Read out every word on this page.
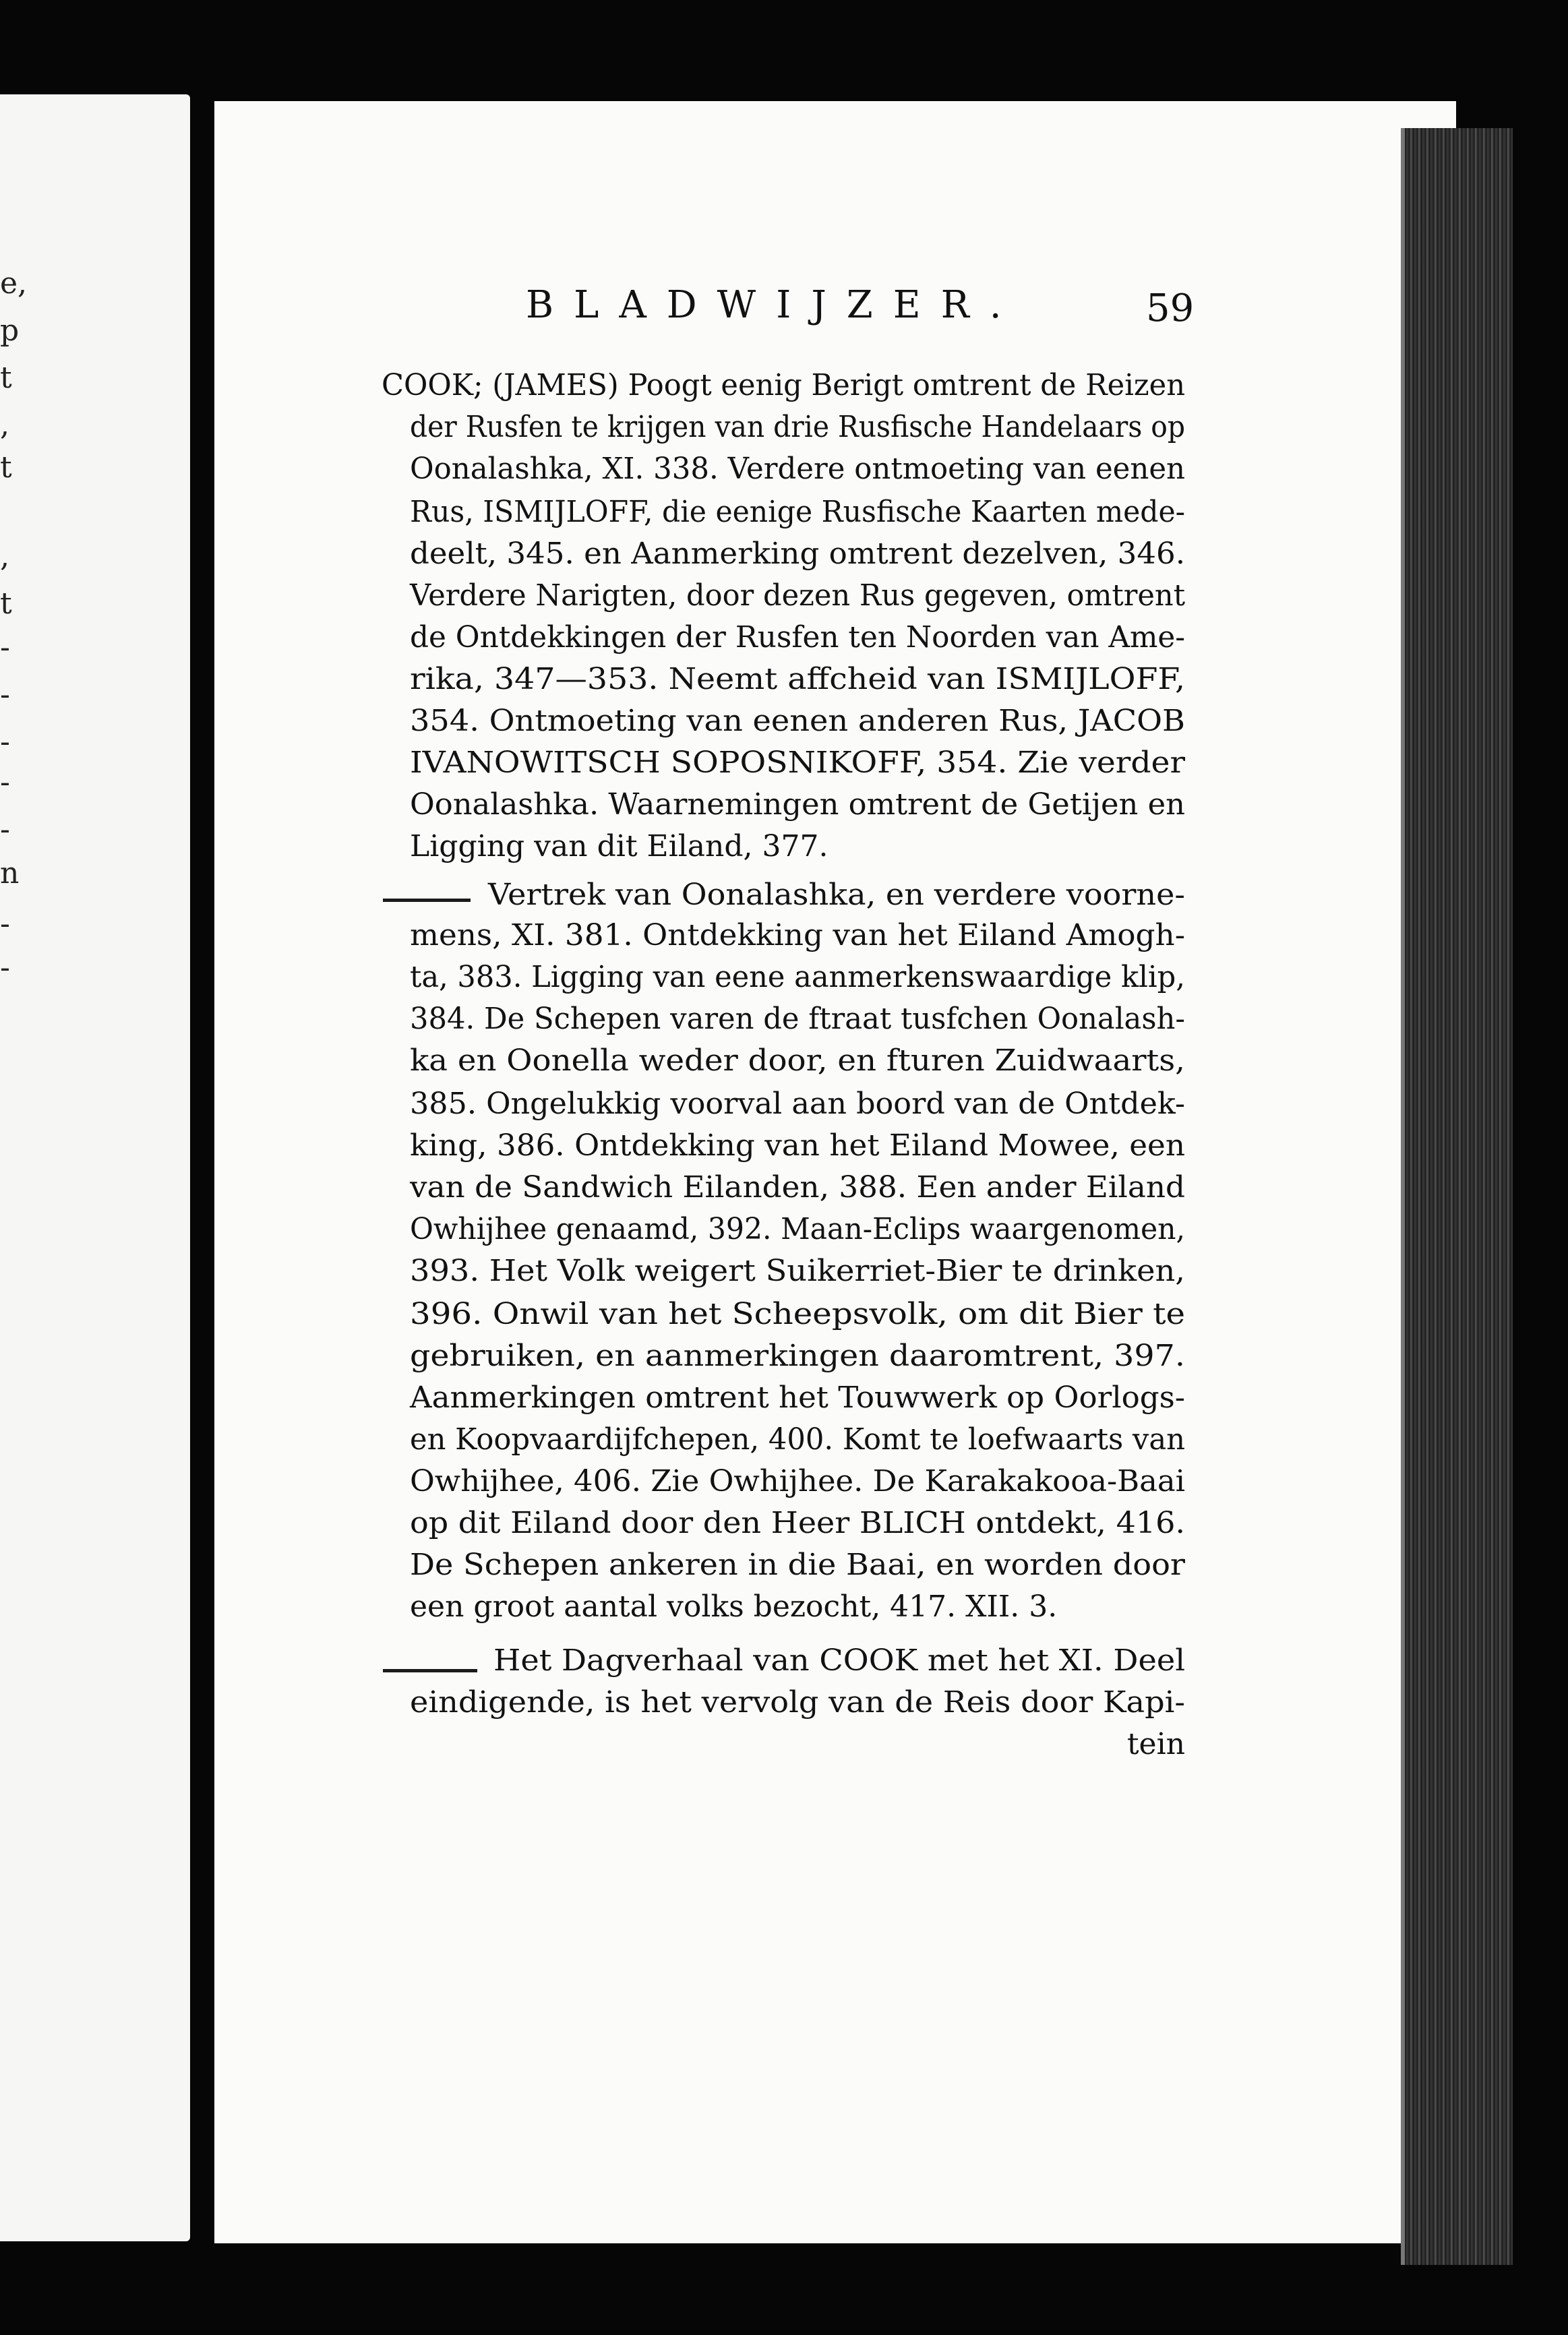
e,
p
t
,
t
,
t
-
-
-
-
-
n
-
-
BLADWIJZER.	59
COOK; (JAMES) Poogt eenig Berigt omtrent de Reizen
der Rusfen te krijgen van drie Rusfische Handelaars op
Oonalashka, XI. 338. Verdere ontmoeting van eenen
Rus, ISMIJLOFF, die eenige Rusfische Kaarten mede-
deelt, 345. en Aanmerking omtrent dezelven, 346.
Verdere Narigten, door dezen Rus gegeven, omtrent
de Ontdekkingen der Rusfen ten Noorden van Ame-
rika, 347—353. Neemt affcheid van ISMIJLOFF,
354. Ontmoeting van eenen anderen Rus, JACOB
IVANOWITSCH SOPOSNIKOFF, 354. Zie verder
Oonalashka. Waarnemingen omtrent de Getijen en
Ligging van dit Eiland, 377.
Vertrek van Oonalashka, en verdere voorne-
mens, XI. 381. Ontdekking van het Eiland Amogh-
ta, 383. Ligging van eene aanmerkenswaardige klip,
384. De Schepen varen de ftraat tusfchen Oonalash-
ka en Oonella weder door, en fturen Zuidwaarts,
385. Ongelukkig voorval aan boord van de Ontdek-
king, 386. Ontdekking van het Eiland Mowee, een
van de Sandwich Eilanden, 388. Een ander Eiland
Owhijhee genaamd, 392. Maan-Eclips waargenomen,
393. Het Volk weigert Suikerriet-Bier te drinken,
396. Onwil van het Scheepsvolk, om dit Bier te
gebruiken, en aanmerkingen daaromtrent, 397.
Aanmerkingen omtrent het Touwwerk op Oorlogs-
en Koopvaardijfchepen, 400. Komt te loefwaarts van
Owhijhee, 406. Zie Owhijhee. De Karakakooa-Baai
op dit Eiland door den Heer BLICH ontdekt, 416.
De Schepen ankeren in die Baai, en worden door
een groot aantal volks bezocht, 417. XII. 3.
Het Dagverhaal van COOK met het XI. Deel
eindigende, is het vervolg van de Reis door Kapi-
tein
